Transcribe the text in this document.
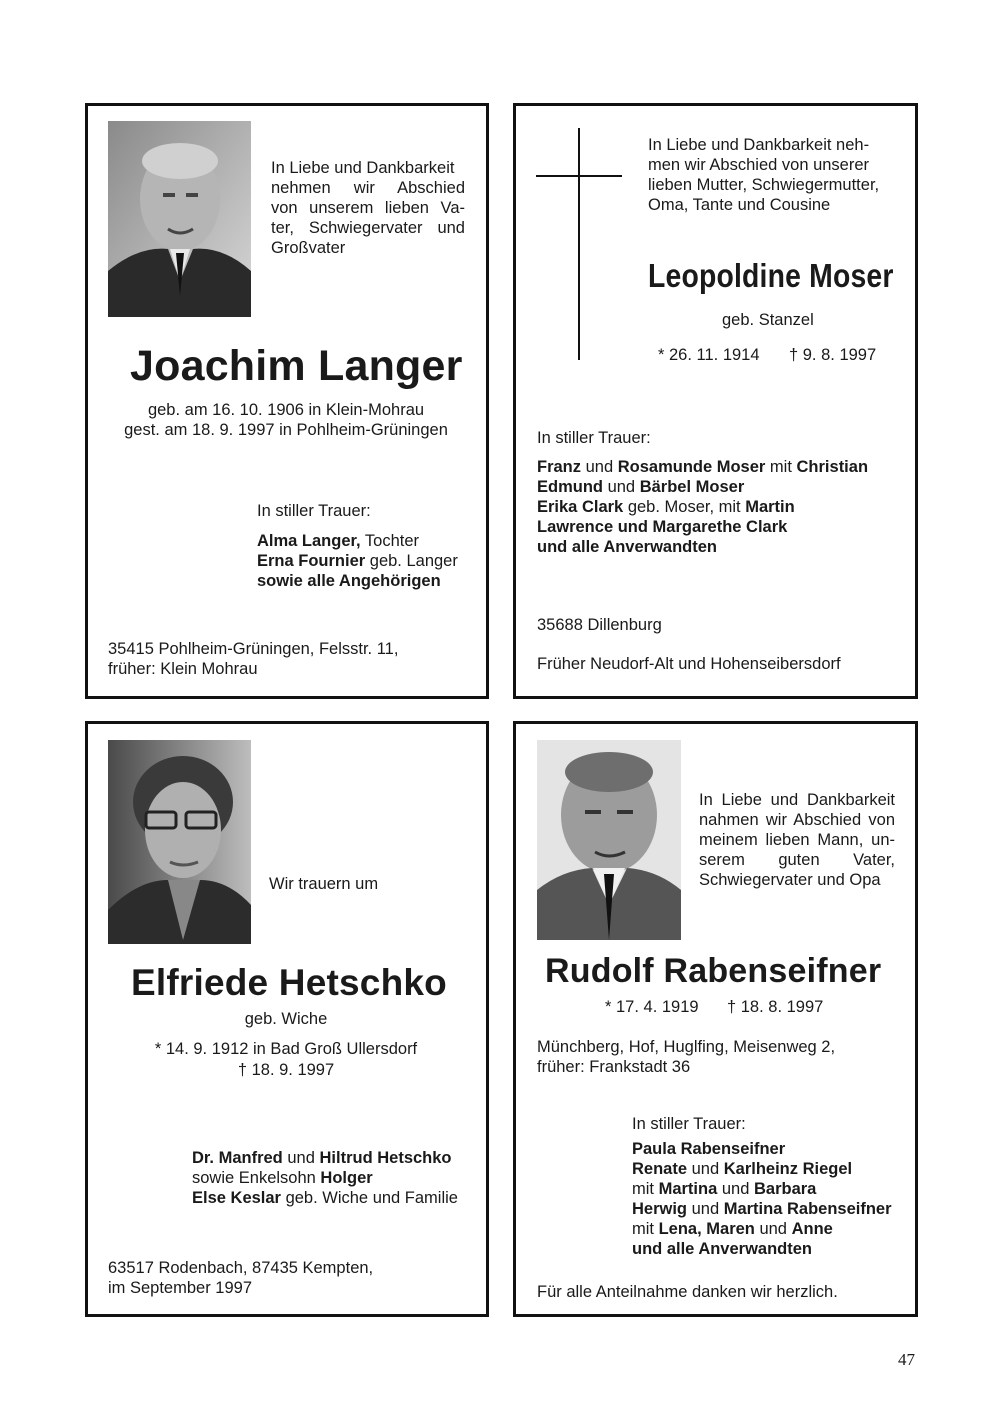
In Liebe und Dankbarkeit
nehmen wir Abschied
von unserem lieben Va-
ter, Schwiegervater und
Großvater
Joachim Langer
geb. am 16. 10. 1906 in Klein-Mohrau
gest. am 18. 9. 1997 in Pohlheim-Grüningen
In stiller Trauer:
Alma Langer, Tochter
Erna Fournier geb. Langer
sowie alle Angehörigen
35415 Pohlheim-Grüningen, Felsstr. 11,
früher: Klein Mohrau
In Liebe und Dankbarkeit neh-
men wir Abschied von unserer
lieben Mutter, Schwiegermutter,
Oma, Tante und Cousine
Leopoldine Moser
geb. Stanzel
* 26. 11. 1914 † 9. 8. 1997
In stiller Trauer:
Franz und Rosamunde Moser mit Christian
Edmund und Bärbel Moser
Erika Clark geb. Moser, mit Martin
Lawrence und Margarethe Clark
und alle Anverwandten
35688 Dillenburg
Früher Neudorf-Alt und Hohenseibersdorf
Wir trauern um
Elfriede Hetschko
geb. Wiche
* 14. 9. 1912 in Bad Groß Ullersdorf
† 18. 9. 1997
Dr. Manfred und Hiltrud Hetschko
sowie Enkelsohn Holger
Else Keslar geb. Wiche und Familie
63517 Rodenbach, 87435 Kempten,
im September 1997
In Liebe und Dankbarkeit
nahmen wir Abschied von
meinem lieben Mann, un-
serem guten Vater,
Schwiegervater und Opa
Rudolf Rabenseifner
* 17. 4. 1919 † 18. 8. 1997
Münchberg, Hof, Huglfing, Meisenweg 2,
früher: Frankstadt 36
In stiller Trauer:
Paula Rabenseifner
Renate und Karlheinz Riegel
mit Martina und Barbara
Herwig und Martina Rabenseifner
mit Lena, Maren und Anne
und alle Anverwandten
Für alle Anteilnahme danken wir herzlich.
47
